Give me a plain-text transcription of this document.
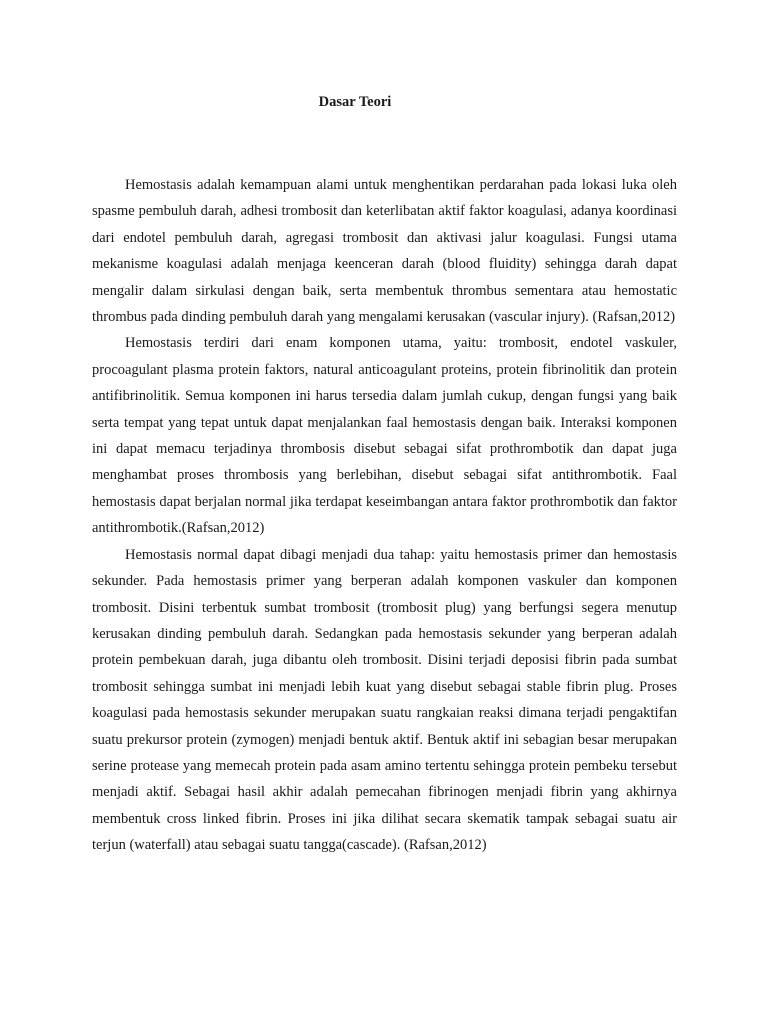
Dasar Teori

Hemostasis adalah kemampuan alami untuk menghentikan perdarahan pada lokasi luka oleh spasme pembuluh darah, adhesi trombosit dan keterlibatan aktif faktor koagulasi, adanya koordinasi dari endotel pembuluh darah, agregasi trombosit dan aktivasi jalur koagulasi. Fungsi utama mekanisme koagulasi adalah menjaga keenceran darah (blood fluidity) sehingga darah dapat mengalir dalam sirkulasi dengan baik, serta membentuk thrombus sementara atau hemostatic thrombus pada dinding pembuluh darah yang mengalami kerusakan (vascular injury). (Rafsan,2012)

Hemostasis terdiri dari enam komponen utama, yaitu: trombosit, endotel vaskuler, procoagulant plasma protein faktors, natural anticoagulant proteins, protein fibrinolitik dan protein antifibrinolitik. Semua komponen ini harus tersedia dalam jumlah cukup, dengan fungsi yang baik serta tempat yang tepat untuk dapat menjalankan faal hemostasis dengan baik. Interaksi komponen ini dapat memacu terjadinya thrombosis disebut sebagai sifat prothrombotik dan dapat juga menghambat proses thrombosis yang berlebihan, disebut sebagai sifat antithrombotik. Faal hemostasis dapat berjalan normal jika terdapat keseimbangan antara faktor prothrombotik dan faktor antithrombotik.(Rafsan,2012)

Hemostasis normal dapat dibagi menjadi dua tahap: yaitu hemostasis primer dan hemostasis sekunder. Pada hemostasis primer yang berperan adalah komponen vaskuler dan komponen trombosit. Disini terbentuk sumbat trombosit (trombosit plug) yang berfungsi segera menutup kerusakan dinding pembuluh darah. Sedangkan pada hemostasis sekunder yang berperan adalah protein pembekuan darah, juga dibantu oleh trombosit. Disini terjadi deposisi fibrin pada sumbat trombosit sehingga sumbat ini menjadi lebih kuat yang disebut sebagai stable fibrin plug. Proses koagulasi pada hemostasis sekunder merupakan suatu rangkaian reaksi dimana terjadi pengaktifan suatu prekursor protein (zymogen) menjadi bentuk aktif. Bentuk aktif ini sebagian besar merupakan serine protease yang memecah protein pada asam amino tertentu sehingga protein pembeku tersebut menjadi aktif. Sebagai hasil akhir adalah pemecahan fibrinogen menjadi fibrin yang akhirnya membentuk cross linked fibrin. Proses ini jika dilihat secara skematik tampak sebagai suatu air terjun (waterfall) atau sebagai suatu tangga(cascade). (Rafsan,2012)
